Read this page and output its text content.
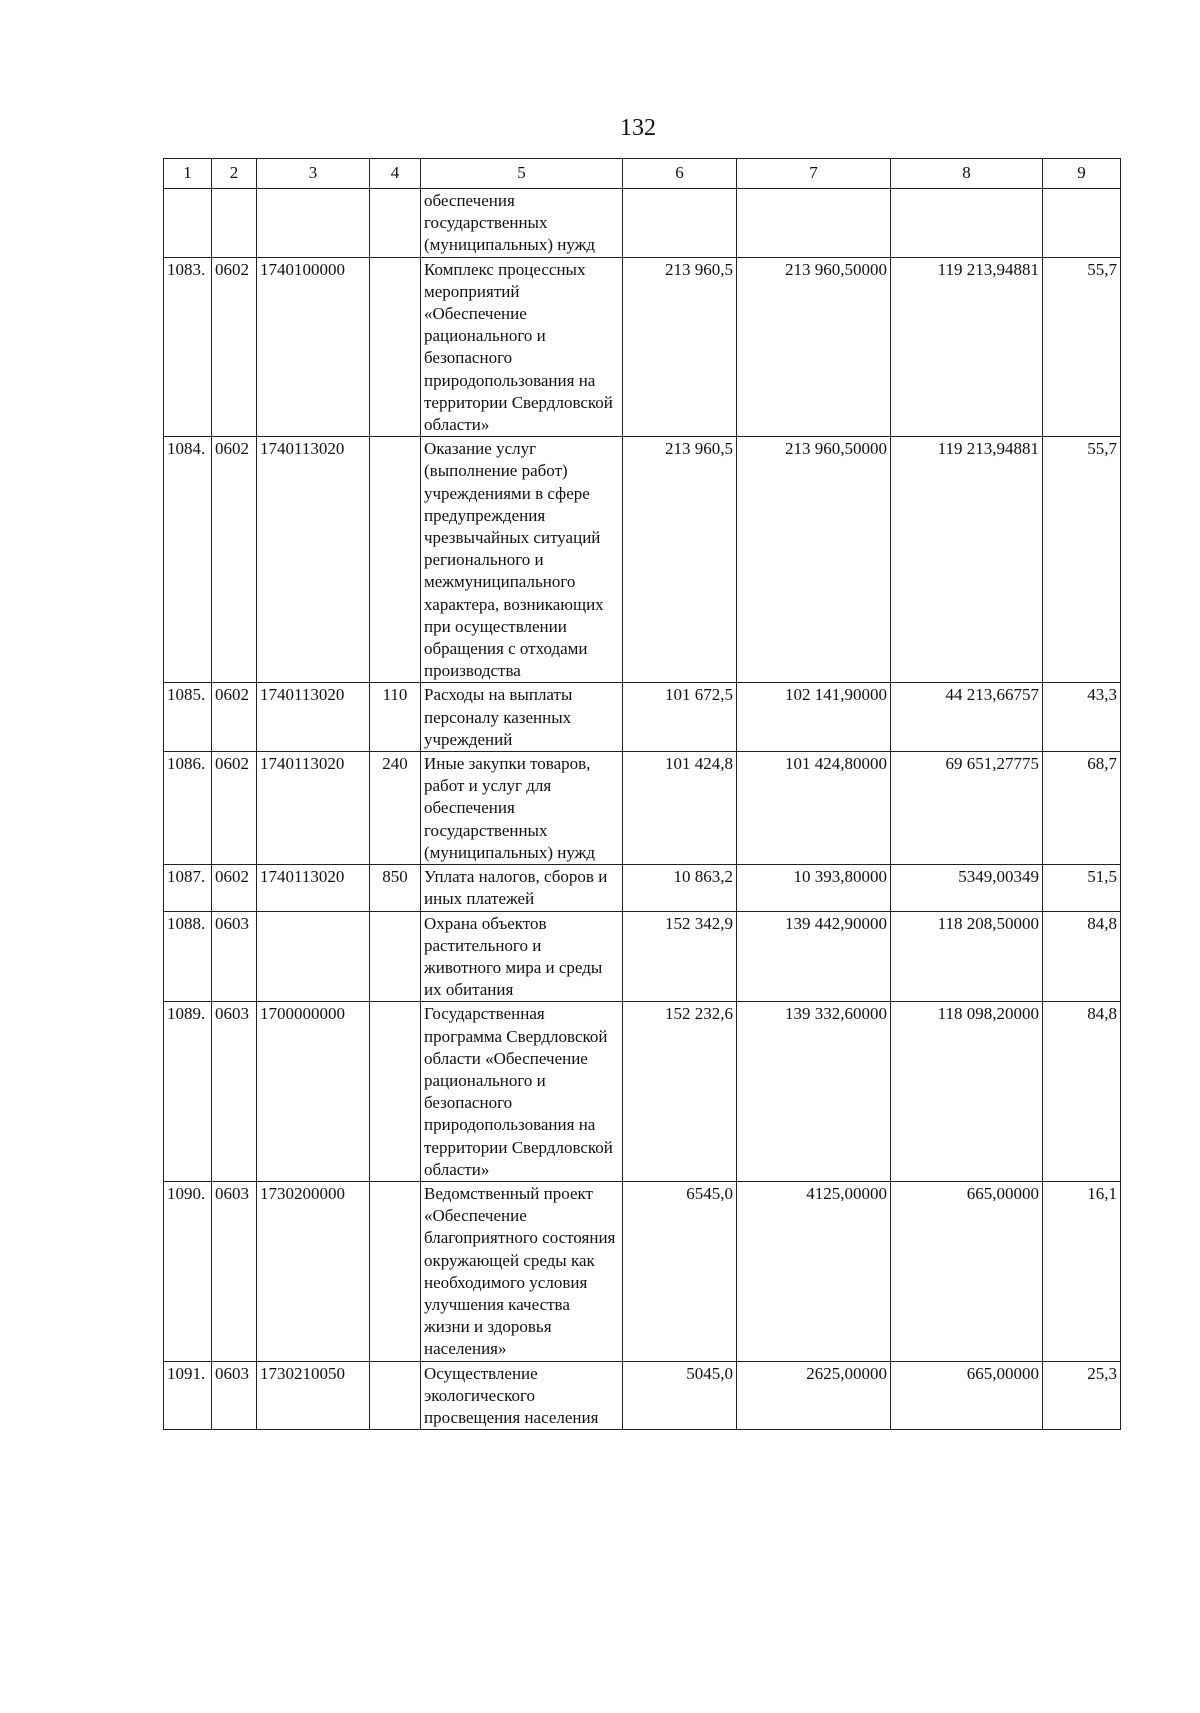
132
1	2	3	4	5	6	7	8	9
				обеспечения государственных (муниципальных) нужд				
1083.	0602	1740100000		Комплекс процессных мероприятий «Обеспечение рационального и безопасного природопользования на территории Свердловской области»	213 960,5	213 960,50000	119 213,94881	55,7
1084.	0602	1740113020		Оказание услуг (выполнение работ) учреждениями в сфере предупреждения чрезвычайных ситуаций регионального и межмуниципального характера, возникающих при осуществлении обращения с отходами производства	213 960,5	213 960,50000	119 213,94881	55,7
1085.	0602	1740113020	110	Расходы на выплаты персоналу казенных учреждений	101 672,5	102 141,90000	44 213,66757	43,3
1086.	0602	1740113020	240	Иные закупки товаров, работ и услуг для обеспечения государственных (муниципальных) нужд	101 424,8	101 424,80000	69 651,27775	68,7
1087.	0602	1740113020	850	Уплата налогов, сборов и иных платежей	10 863,2	10 393,80000	5349,00349	51,5
1088.	0603			Охрана объектов растительного и животного мира и среды их обитания	152 342,9	139 442,90000	118 208,50000	84,8
1089.	0603	1700000000		Государственная программа Свердловской области «Обеспечение рационального и безопасного природопользования на территории Свердловской области»	152 232,6	139 332,60000	118 098,20000	84,8
1090.	0603	1730200000		Ведомственный проект «Обеспечение благоприятного состояния окружающей среды как необходимого условия улучшения качества жизни и здоровья населения»	6545,0	4125,00000	665,00000	16,1
1091.	0603	1730210050		Осуществление экологического просвещения населения	5045,0	2625,00000	665,00000	25,3
